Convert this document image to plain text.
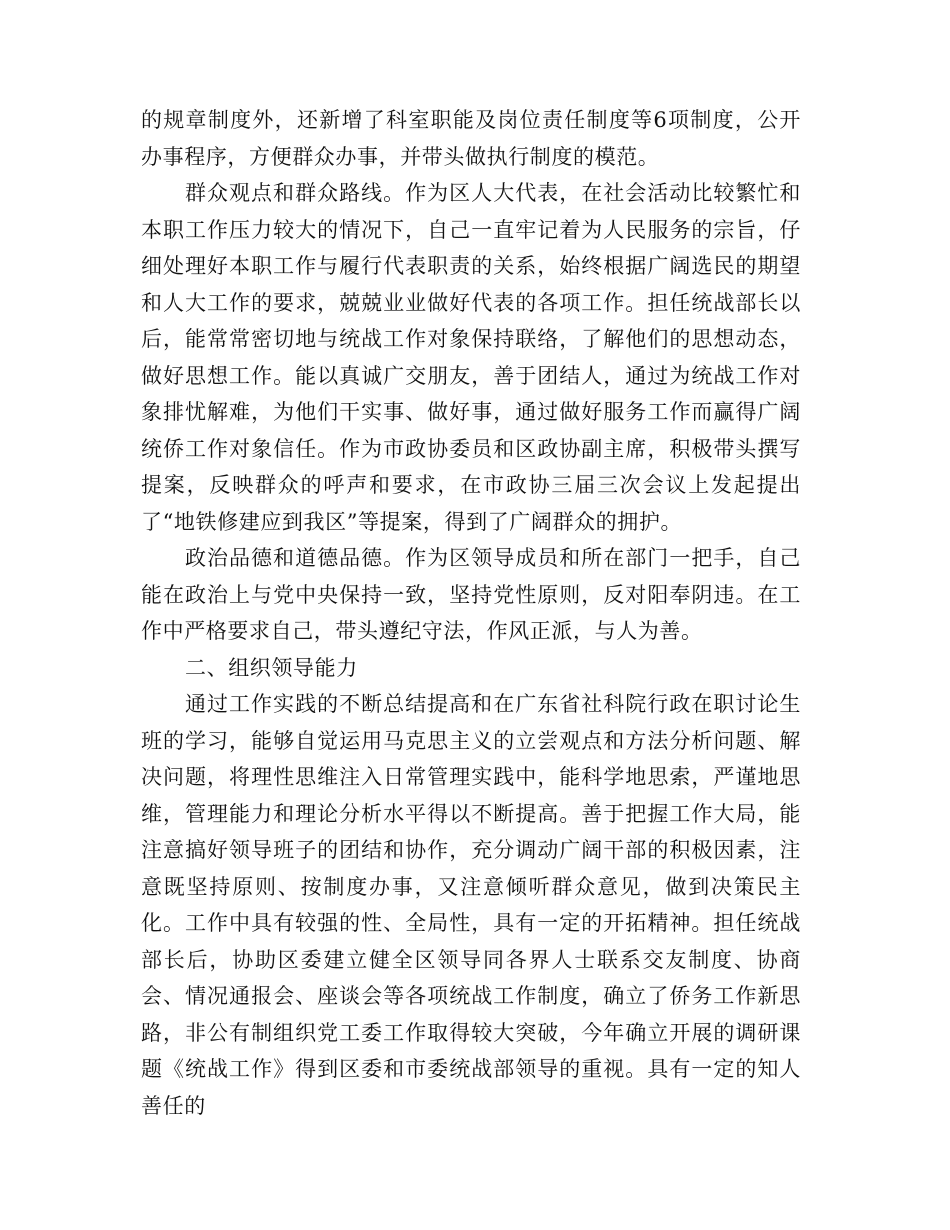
的规章制度外，还新增了科室职能及岗位责任制度等6项制度，公开办事程序，方便群众办事，并带头做执行制度的模范。

群众观点和群众路线。作为区人大代表，在社会活动比较繁忙和本职工作压力较大的情况下，自己一直牢记着为人民服务的宗旨，仔细处理好本职工作与履行代表职责的关系，始终根据广阔选民的期望和人大工作的要求，兢兢业业做好代表的各项工作。担任统战部长以后，能常常密切地与统战工作对象保持联络，了解他们的思想动态，做好思想工作。能以真诚广交朋友，善于团结人，通过为统战工作对象排忧解难，为他们干实事、做好事，通过做好服务工作而赢得广阔统侨工作对象信任。作为市政协委员和区政协副主席，积极带头撰写提案，反映群众的呼声和要求，在市政协三届三次会议上发起提出了“地铁修建应到我区”等提案，得到了广阔群众的拥护。

政治品德和道德品德。作为区领导成员和所在部门一把手，自己能在政治上与党中央保持一致，坚持党性原则，反对阳奉阴违。在工作中严格要求自己，带头遵纪守法，作风正派，与人为善。

二、组织领导能力

通过工作实践的不断总结提高和在广东省社科院行政在职讨论生班的学习，能够自觉运用马克思主义的立尝观点和方法分析问题、解决问题，将理性思维注入日常管理实践中，能科学地思索，严谨地思维，管理能力和理论分析水平得以不断提高。善于把握工作大局，能注意搞好领导班子的团结和协作，充分调动广阔干部的积极因素，注意既坚持原则、按制度办事，又注意倾听群众意见，做到决策民主化。工作中具有较强的性、全局性，具有一定的开拓精神。担任统战部长后，协助区委建立健全区领导同各界人士联系交友制度、协商会、情况通报会、座谈会等各项统战工作制度，确立了侨务工作新思路，非公有制组织党工委工作取得较大突破，今年确立开展的调研课题《统战工作》得到区委和市委统战部领导的重视。具有一定的知人善任的
